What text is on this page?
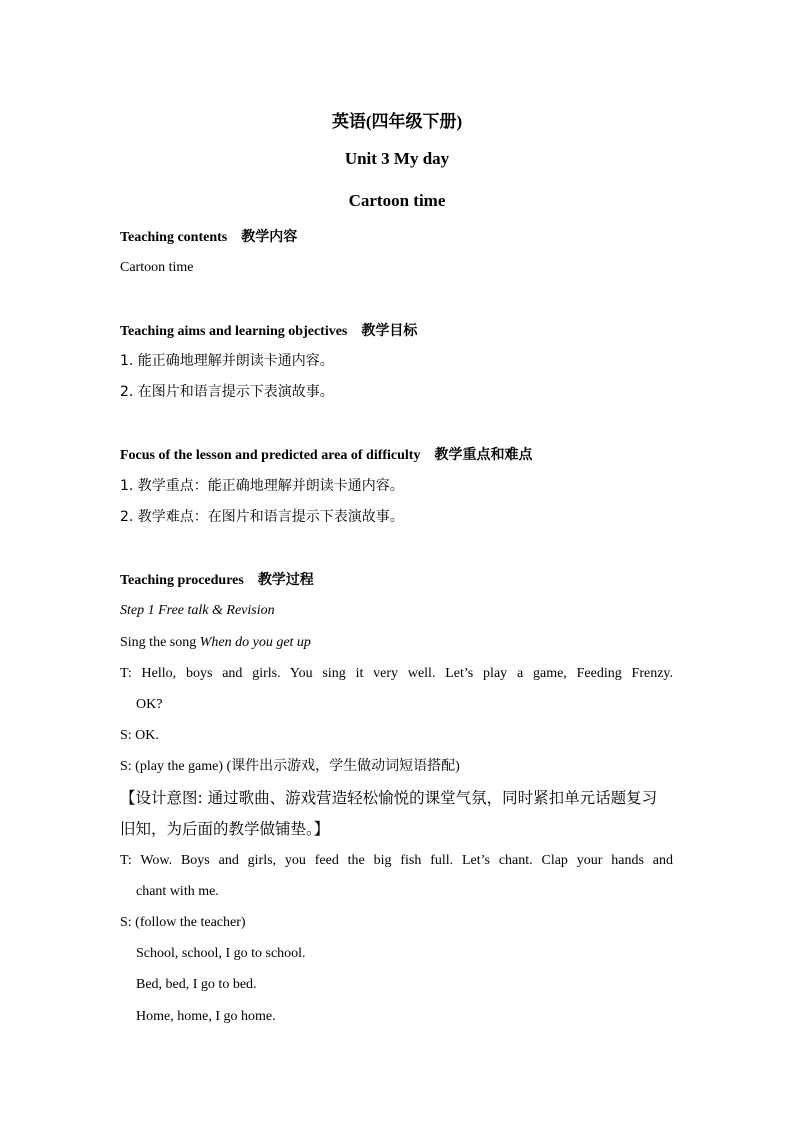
英语(四年级下册)
Unit 3 My day
Cartoon time
Teaching contents 教学内容
Cartoon time
Teaching aims and learning objectives 教学目标
1. 能正确地理解并朗读卡通内容。
2. 在图片和语言提示下表演故事。
Focus of the lesson and predicted area of difficulty 教学重点和难点
1. 教学重点：能正确地理解并朗读卡通内容。
2. 教学难点：在图片和语言提示下表演故事。
Teaching procedures 教学过程
Step 1 Free talk & Revision
Sing the song When do you get up
T: Hello, boys and girls. You sing it very well. Let’s play a game, Feeding Frenzy.
OK?
S: OK.
S: (play the game) (课件出示游戏，学生做动词短语搭配)
【设计意图: 通过歌曲、游戏营造轻松愉悦的课堂气氛，同时紧扣单元话题复习
旧知，为后面的教学做铺垫。】
T: Wow. Boys and girls, you feed the big fish full. Let’s chant. Clap your hands and
chant with me.
S: (follow the teacher)
School, school, I go to school.
Bed, bed, I go to bed.
Home, home, I go home.
